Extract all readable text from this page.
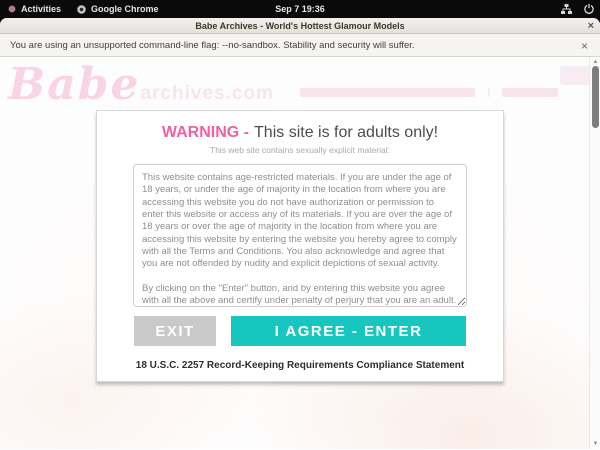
Activities	Google Chrome	Sep 7 19:36
Babe Archives - World's Hottest Glamour Models	×
You are using an unsupported command-line flag: --no-sandbox. Stability and security will suffer.	×
Babearchives.com
WARNING - This site is for adults only!
This web site contains sexually explicit material:
This website contains age-restricted materials. If you are under the age of 18 years, or under the age of majority in the location from where you are accessing this website you do not have authorization or permission to enter this website or access any of its materials. If you are over the age of 18 years or over the age of majority in the location from where you are accessing this website by entering the website you hereby agree to comply with all the Terms and Conditions. You also acknowledge and agree that you are not offended by nudity and explicit depictions of sexual activity. By clicking on the "Enter" button, and by entering this website you agree with all the above and certify under penalty of perjury that you are an adult.
EXIT	I AGREE - ENTER
18 U.S.C. 2257 Record-Keeping Requirements Compliance Statement
▲
▼
